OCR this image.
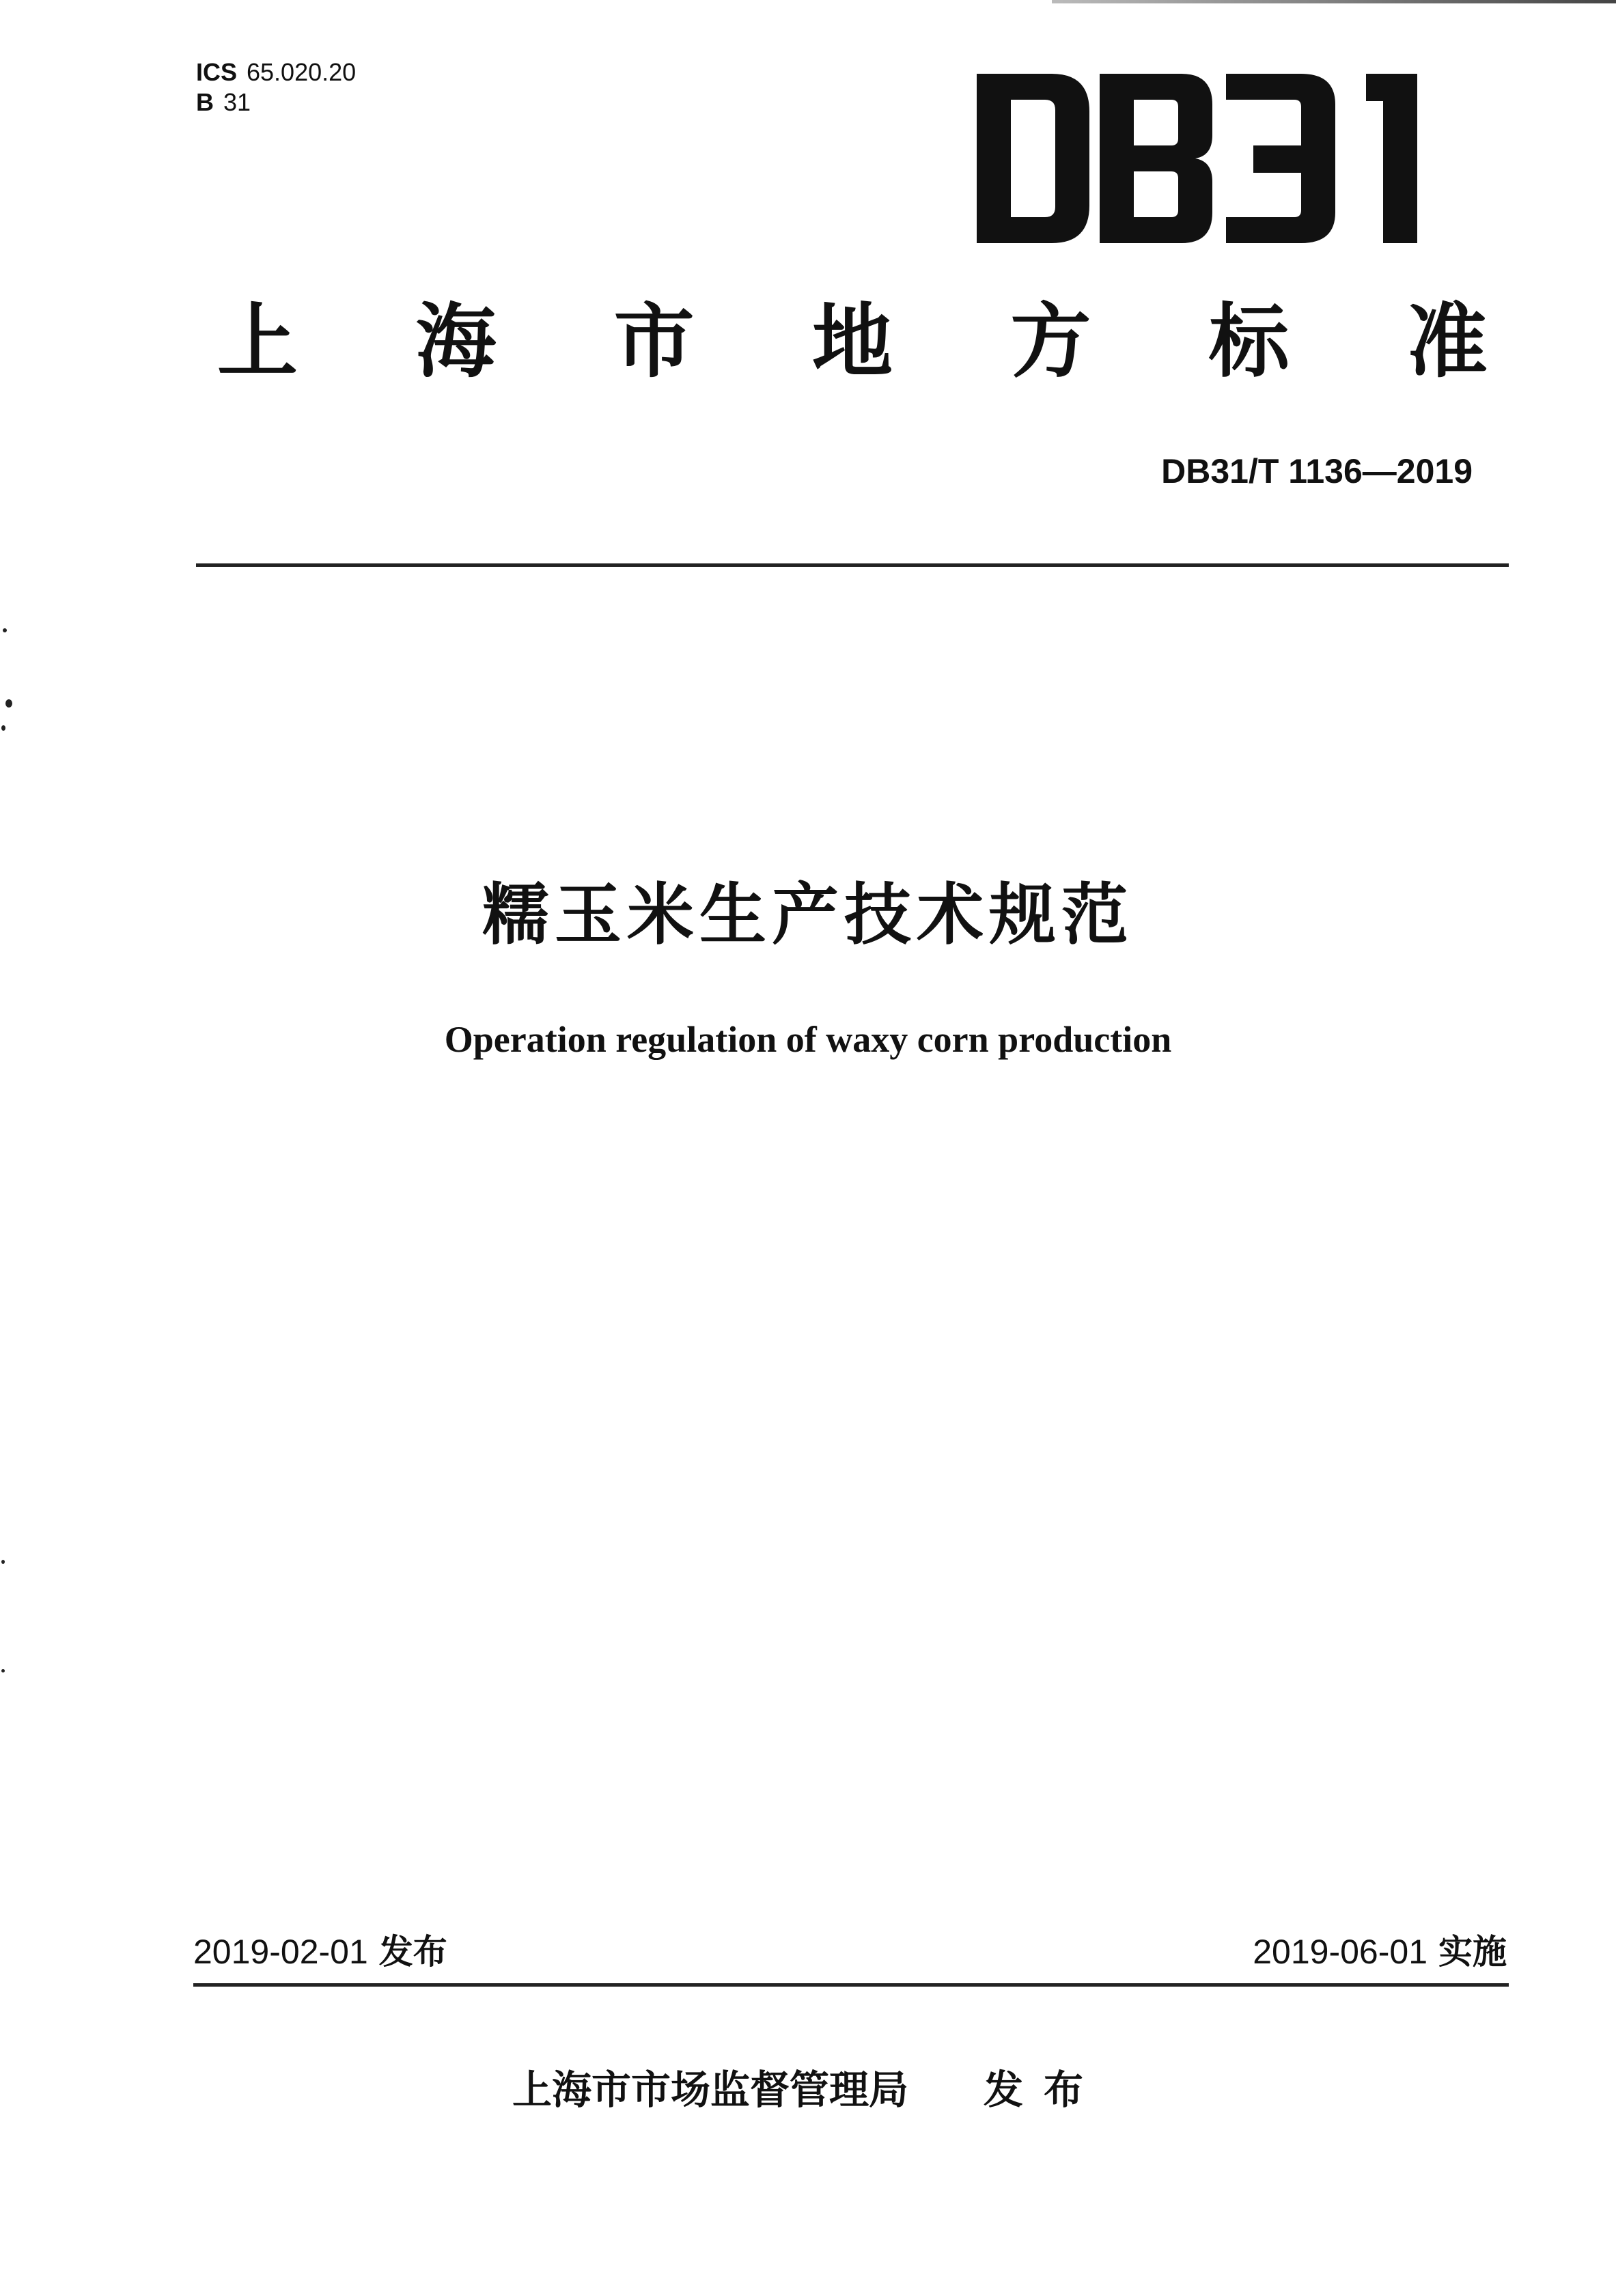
ICS 65.020.20
B 31
上 海 市 地 方 标 准
DB31/T 1136—2019
糯玉米生产技术规范
Operation regulation of waxy corn production
2019-02-01 发布	2019-06-01 实施
上海市市场监督管理局 发布
